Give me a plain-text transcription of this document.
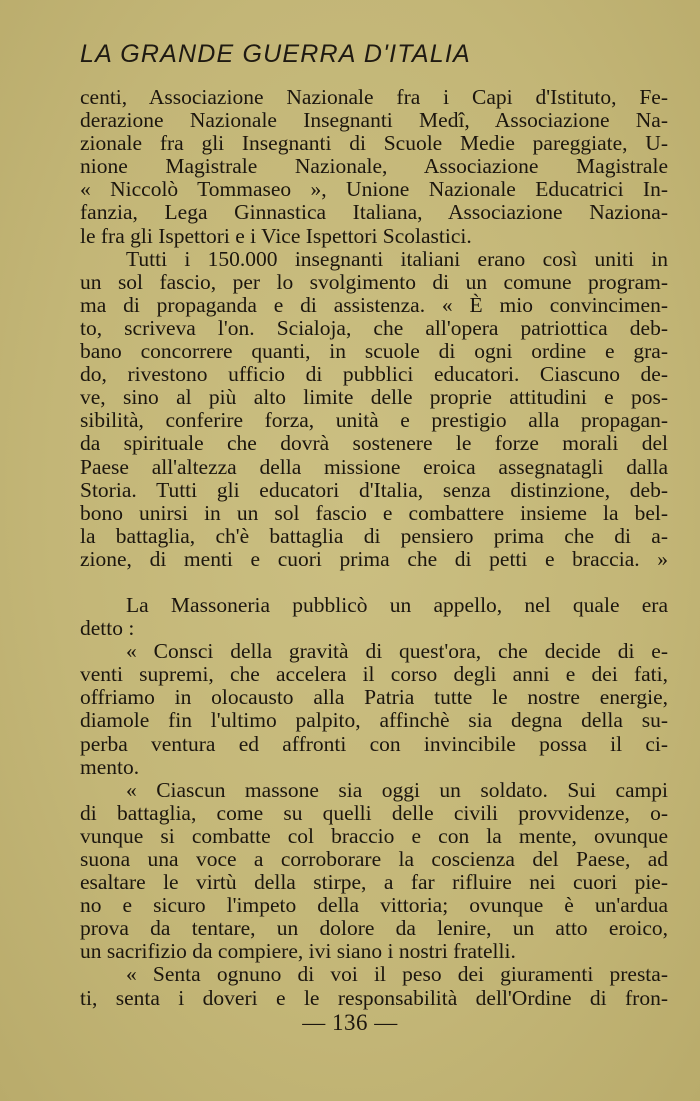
LA GRANDE GUERRA D'ITALIA
centi, Associazione Nazionale fra i Capi d'Istituto, Fe-
derazione Nazionale Insegnanti Medî, Associazione Na-
zionale fra gli Insegnanti di Scuole Medie pareggiate, U-
nione Magistrale Nazionale, Associazione Magistrale
« Niccolò Tommaseo », Unione Nazionale Educatrici In-
fanzia, Lega Ginnastica Italiana, Associazione Naziona-
le fra gli Ispettori e i Vice Ispettori Scolastici.
Tutti i 150.000 insegnanti italiani erano così uniti in
un sol fascio, per lo svolgimento di un comune program-
ma di propaganda e di assistenza. « È mio convincimen-
to, scriveva l'on. Scialoja, che all'opera patriottica deb-
bano concorrere quanti, in scuole di ogni ordine e gra-
do, rivestono ufficio di pubblici educatori. Ciascuno de-
ve, sino al più alto limite delle proprie attitudini e pos-
sibilità, conferire forza, unità e prestigio alla propagan-
da spirituale che dovrà sostenere le forze morali del
Paese all'altezza della missione eroica assegnatagli dalla
Storia. Tutti gli educatori d'Italia, senza distinzione, deb-
bono unirsi in un sol fascio e combattere insieme la bel-
la battaglia, ch'è battaglia di pensiero prima che di a-
zione, di menti e cuori prima che di petti e braccia. »
La Massoneria pubblicò un appello, nel quale era
detto :
« Consci della gravità di quest'ora, che decide di e-
venti supremi, che accelera il corso degli anni e dei fati,
offriamo in olocausto alla Patria tutte le nostre energie,
diamole fin l'ultimo palpito, affinchè sia degna della su-
perba ventura ed affronti con invincibile possa il ci-
mento.
« Ciascun massone sia oggi un soldato. Sui campi
di battaglia, come su quelli delle civili provvidenze, o-
vunque si combatte col braccio e con la mente, ovunque
suona una voce a corroborare la coscienza del Paese, ad
esaltare le virtù della stirpe, a far rifluire nei cuori pie-
no e sicuro l'impeto della vittoria; ovunque è un'ardua
prova da tentare, un dolore da lenire, un atto eroico,
un sacrifizio da compiere, ivi siano i nostri fratelli.
« Senta ognuno di voi il peso dei giuramenti presta-
ti, senta i doveri e le responsabilità dell'Ordine di fron-
— 136 —
